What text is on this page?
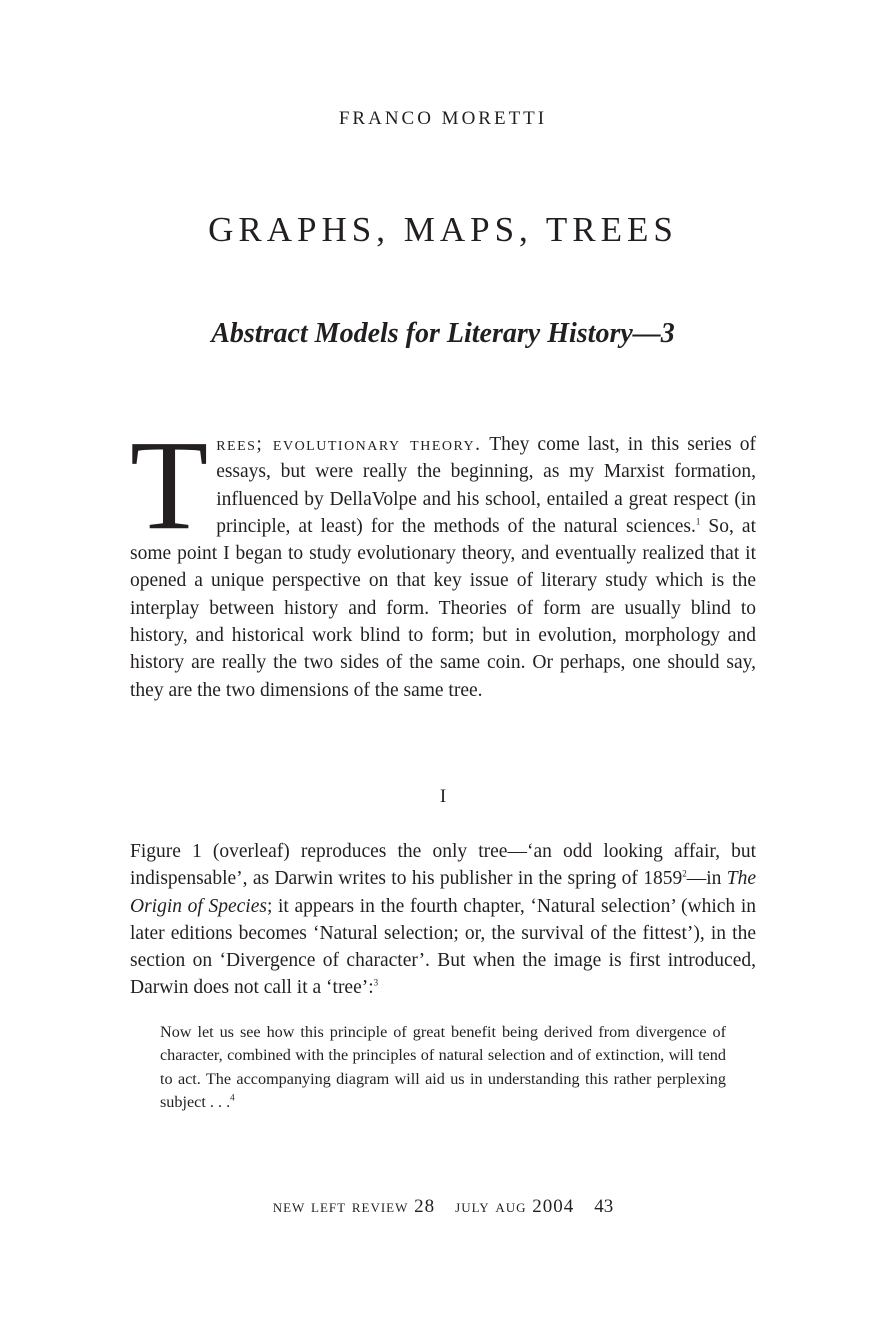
FRANCO MORETTI
GRAPHS, MAPS, TREES
Abstract Models for Literary History—3

Trees; evolutionary theory. They come last, in this series of essays, but were really the beginning, as my Marxist formation, influenced by DellaVolpe and his school, entailed a great respect (in principle, at least) for the methods of the natural sciences.$^1$ So, at some point I began to study evolutionary theory, and eventually realized that it opened a unique perspective on that key issue of literary study which is the interplay between history and form. Theories of form are usually blind to history, and historical work blind to form; but in evolution, morphology and history are really the two sides of the same coin. Or perhaps, one should say, they are the two dimensions of the same tree.

I

Figure 1 (overleaf) reproduces the only tree—‘an odd looking affair, but indispensable’, as Darwin writes to his publisher in the spring of 1859$^2$—in The Origin of Species; it appears in the fourth chapter, ‘Natural selection’ (which in later editions becomes ‘Natural selection; or, the survival of the fittest’), in the section on ‘Divergence of character’. But when the image is first introduced, Darwin does not call it a ‘tree’:$^3$

Now let us see how this principle of great benefit being derived from divergence of character, combined with the principles of natural selection and of extinction, will tend to act. The accompanying diagram will aid us in understanding this rather perplexing subject . . .$^4$

new left review 28 july aug 2004 43
